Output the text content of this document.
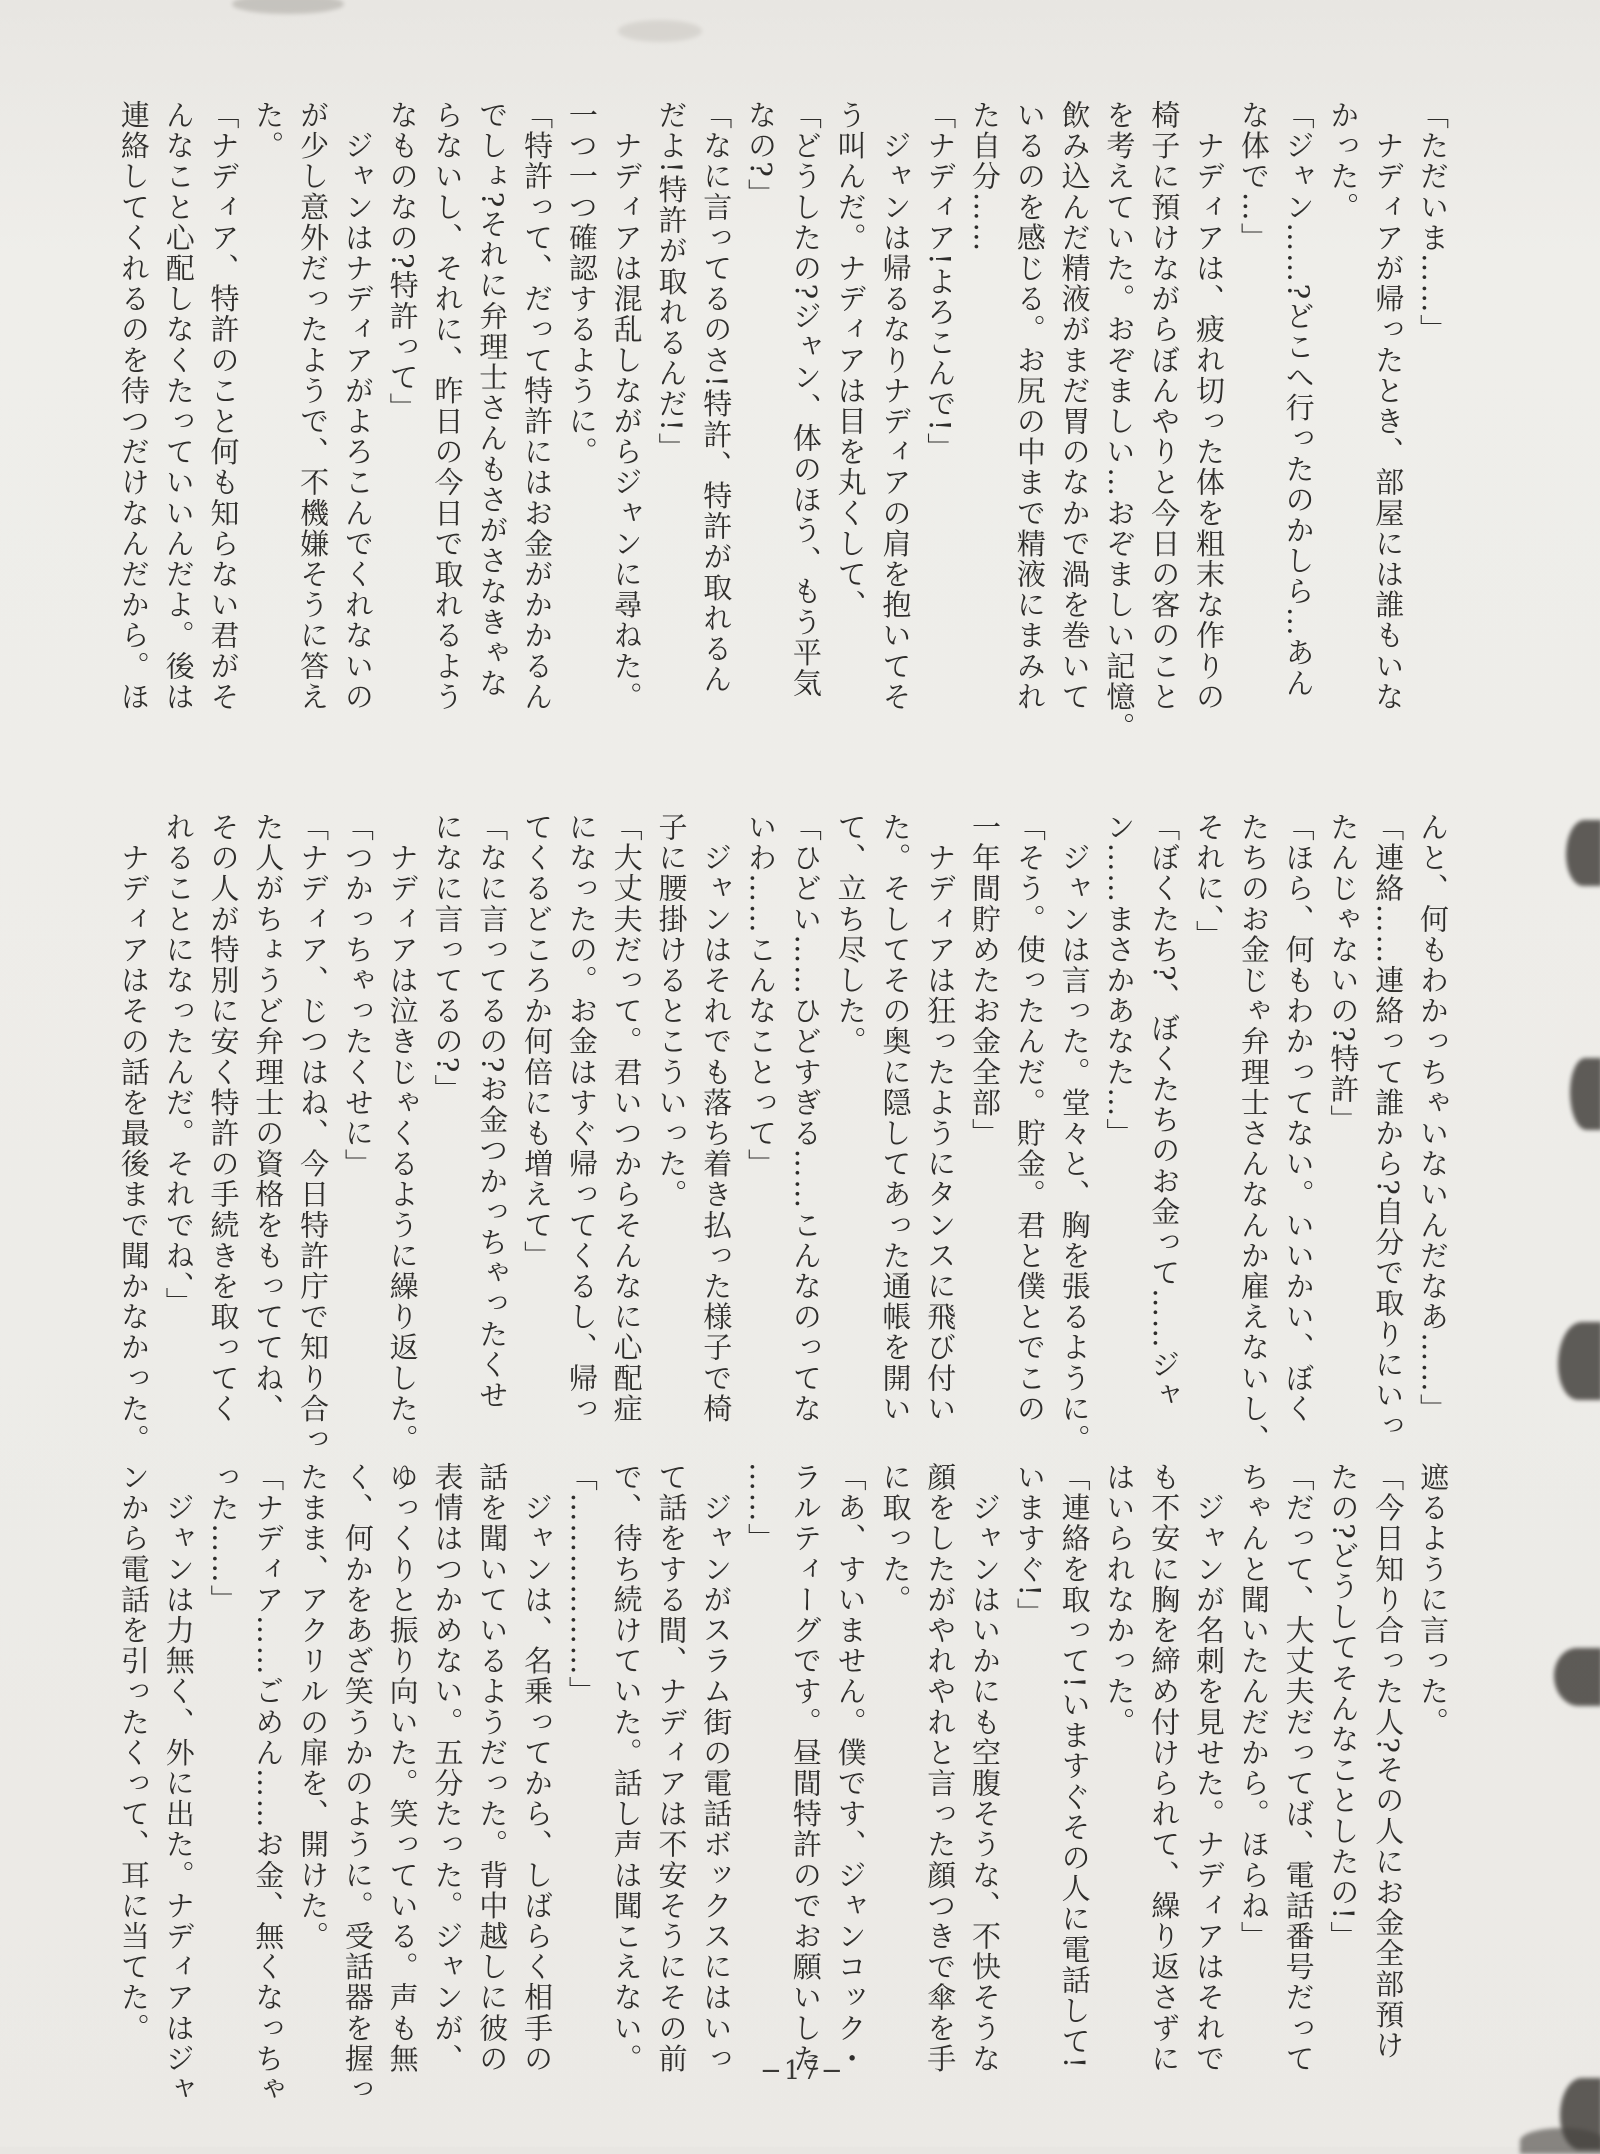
「ただいま……」

　ナディアが帰ったとき、部屋には誰もいな

かった。

「ジャン……?どこへ行ったのかしら…あん

な体で…」

　ナディアは、疲れ切った体を粗末な作りの

椅子に預けながらぼんやりと今日の客のこと

を考えていた。おぞましい…おぞましい記憶。

飲み込んだ精液がまだ胃のなかで渦を巻いて

いるのを感じる。お尻の中まで精液にまみれ

た自分……

「ナディア!よろこんで!」

　ジャンは帰るなりナディアの肩を抱いてそ

う叫んだ。ナディアは目を丸くして、

「どうしたの?ジャン、体のほう、もう平気

なの?」

「なに言ってるのさ!特許、特許が取れるん

だよ!特許が取れるんだ!」

　ナディアは混乱しながらジャンに尋ねた。

一つ一つ確認するように。

「特許って、だって特許にはお金がかかるん

でしょ?それに弁理士さんもさがさなきゃな

らないし、それに、昨日の今日で取れるよう

なものなの?特許って」

　ジャンはナディアがよろこんでくれないの

が少し意外だったようで、不機嫌そうに答え

た。

「ナディア、特許のこと何も知らない君がそ

んなこと心配しなくたっていいんだよ。後は

連絡してくれるのを待つだけなんだから。ほ

んと、何もわかっちゃいないんだなあ……」

「連絡……連絡って誰から?自分で取りにいっ

たんじゃないの?特許」

「ほら、何もわかってない。いいかい、ぼく

たちのお金じゃ弁理士さんなんか雇えないし、

それに、」

「ぼくたち?、ぼくたちのお金って……ジャ

ン……まさかあなた…」

　ジャンは言った。堂々と、胸を張るように。

「そう。使ったんだ。貯金。君と僕とでこの

一年間貯めたお金全部」

　ナディアは狂ったようにタンスに飛び付い

た。そしてその奥に隠してあった通帳を開い

て、立ち尽した。

「ひどい……ひどすぎる……こんなのってな

いわ……こんなことって」

　ジャンはそれでも落ち着き払った様子で椅

子に腰掛けるとこういった。

「大丈夫だって。君いつからそんなに心配症

になったの。お金はすぐ帰ってくるし、帰っ

てくるどころか何倍にも増えて」

「なに言ってるの?お金つかっちゃったくせ

になに言ってるの?」

　ナディアは泣きじゃくるように繰り返した。

「つかっちゃったくせに」

「ナディア、じつはね、今日特許庁で知り合っ

た人がちょうど弁理士の資格をもっててね、

その人が特別に安く特許の手続きを取ってく

れることになったんだ。それでね、」

　ナディアはその話を最後まで聞かなかった。

遮るように言った。

「今日知り合った人?その人にお金全部預け

たの?どうしてそんなことしたの!」

「だって、大丈夫だってば、電話番号だって

ちゃんと聞いたんだから。ほらね」

　ジャンが名刺を見せた。ナディアはそれで

も不安に胸を締め付けられて、繰り返さずに

はいられなかった。

「連絡を取って!いますぐその人に電話して!

いますぐ!」

　ジャンはいかにも空腹そうな、不快そうな

顔をしたがやれやれと言った顔つきで傘を手

に取った。

「あ、すいません。僕です、ジャンコック・

ラルティーグです。昼間特許のでお願いした

……」

　ジャンがスラム街の電話ボックスにはいっ

て話をする間、ナディアは不安そうにその前

で、待ち続けていた。話し声は聞こえない。

「………………」

　ジャンは、名乗ってから、しばらく相手の

話を聞いているようだった。背中越しに彼の

表情はつかめない。五分たった。ジャンが、

ゆっくりと振り向いた。笑っている。声も無

く、何かをあざ笑うかのように。受話器を握っ

たまま、アクリルの扉を、開けた。

「ナディア……ごめん……お金、無くなっちゃ

った……」

　ジャンは力無く、外に出た。ナディアはジャ

ンから電話を引ったくって、耳に当てた。

−17−
